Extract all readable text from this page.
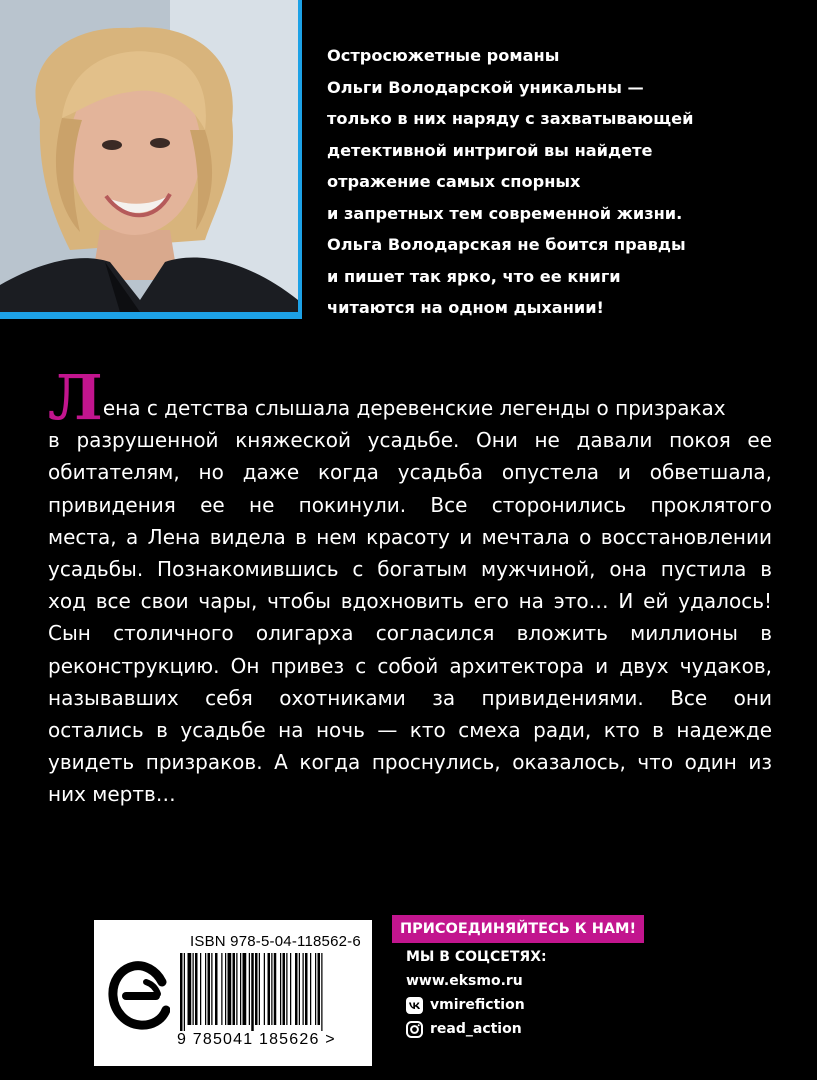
Остросюжетные романы
Ольги Володарской уникальны —
только в них наряду с захватывающей
детективной интригой вы найдете
отражение самых спорных
и запретных тем современной жизни.
Ольга Володарская не боится правды
и пишет так ярко, что ее книги
читаются на одном дыхании!
Лена с детства слышала деревенские легенды о призраках
в разрушенной княжеской усадьбе. Они не давали покоя ее
обитателям, но даже когда усадьба опустела и обветшала,
привидения ее не покинули. Все сторонились проклятого
места, а Лена видела в нем красоту и мечтала о восстановлении
усадьбы. Познакомившись с богатым мужчиной, она пустила в
ход все свои чары, чтобы вдохновить его на это… И ей удалось!
Сын столичного олигарха согласился вложить миллионы в
реконструкцию. Он привез с собой архитектора и двух чудаков,
называвших себя охотниками за привидениями. Все они
остались в усадьбе на ночь — кто смеха ради, кто в надежде
увидеть призраков. А когда проснулись, оказалось, что один из
них мертв…
ISBN 978-5-04-118562-6
9 785041 185626 >
ПРИСОЕДИНЯЙТЕСЬ К НАМ!
МЫ В СОЦСЕТЯХ:
www.eksmo.ru
vmirefiction
read_action
